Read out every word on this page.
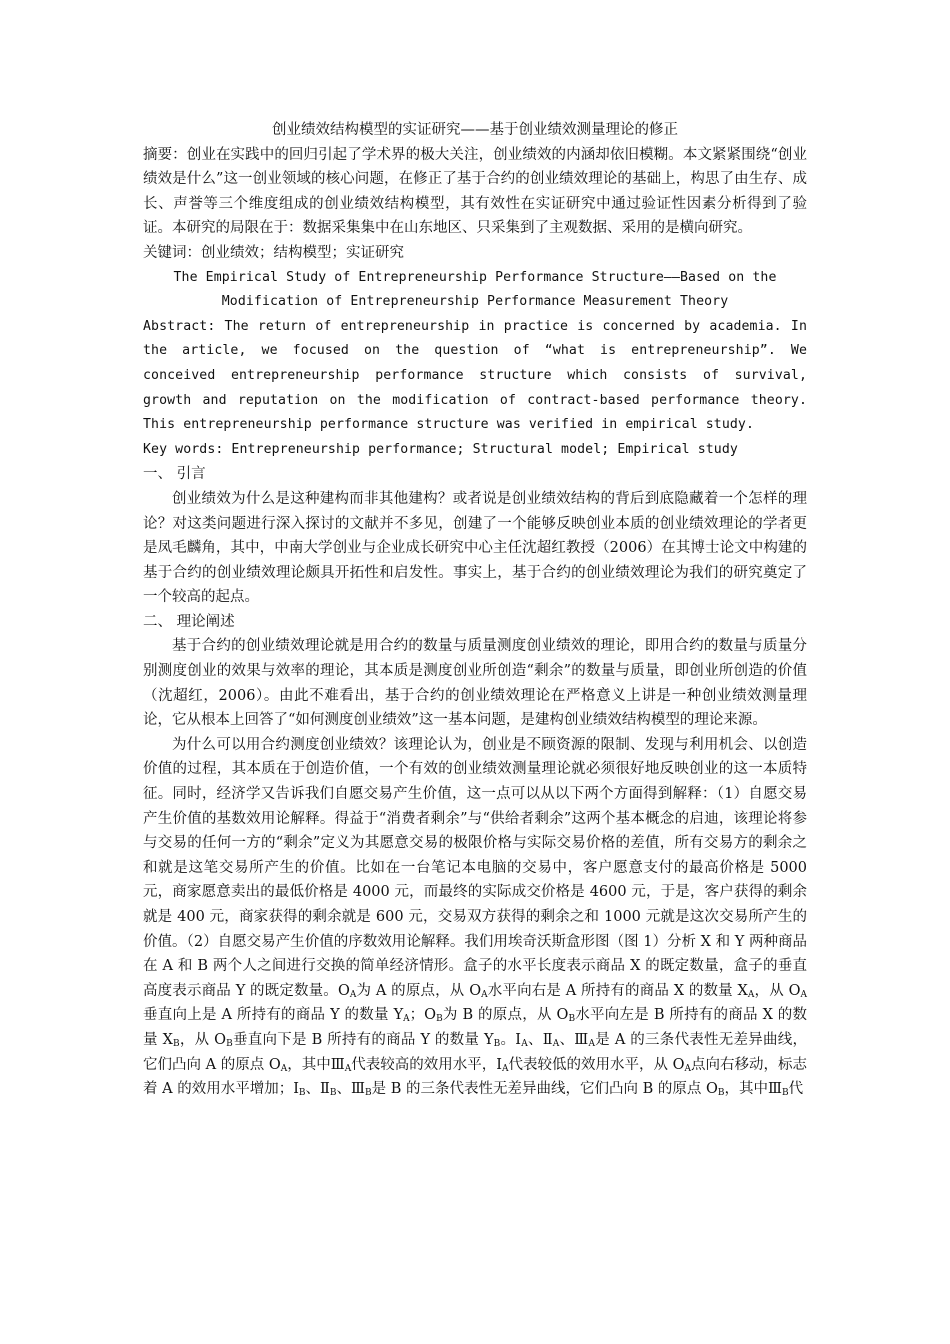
创业绩效结构模型的实证研究——基于创业绩效测量理论的修正

摘要：创业在实践中的回归引起了学术界的极大关注，创业绩效的内涵却依旧模糊。本文紧紧围绕“创业绩效是什么”这一创业领域的核心问题，在修正了基于合约的创业绩效理论的基础上，构思了由生存、成长、声誉等三个维度组成的创业绩效结构模型，其有效性在实证研究中通过验证性因素分析得到了验证。本研究的局限在于：数据采集集中在山东地区、只采集到了主观数据、采用的是横向研究。

关键词：创业绩效；结构模型；实证研究

The Empirical Study of Entrepreneurship Performance Structure——Based on the
Modification of Entrepreneurship Performance Measurement Theory

Abstract: The return of entrepreneurship in practice is concerned by academia. In the article, we focused on the question of “what is entrepreneurship”. We conceived entrepreneurship performance structure which consists of survival, growth and reputation on the modification of contract-based performance theory. This entrepreneurship performance structure was verified in empirical study.

Key words: Entrepreneurship performance; Structural model; Empirical study

一、 引言

创业绩效为什么是这种建构而非其他建构？或者说是创业绩效结构的背后到底隐藏着一个怎样的理论？对这类问题进行深入探讨的文献并不多见，创建了一个能够反映创业本质的创业绩效理论的学者更是凤毛麟角，其中，中南大学创业与企业成长研究中心主任沈超红教授（2006）在其博士论文中构建的基于合约的创业绩效理论颇具开拓性和启发性。事实上，基于合约的创业绩效理论为我们的研究奠定了一个较高的起点。

二、 理论阐述

基于合约的创业绩效理论就是用合约的数量与质量测度创业绩效的理论，即用合约的数量与质量分别测度创业的效果与效率的理论，其本质是测度创业所创造“剩余”的数量与质量，即创业所创造的价值（沈超红，2006）。由此不难看出，基于合约的创业绩效理论在严格意义上讲是一种创业绩效测量理论，它从根本上回答了“如何测度创业绩效”这一基本问题，是建构创业绩效结构模型的理论来源。

为什么可以用合约测度创业绩效？该理论认为，创业是不顾资源的限制、发现与利用机会、以创造价值的过程，其本质在于创造价值，一个有效的创业绩效测量理论就必须很好地反映创业的这一本质特征。同时，经济学又告诉我们自愿交易产生价值，这一点可以从以下两个方面得到解释：（1）自愿交易产生价值的基数效用论解释。得益于“消费者剩余”与“供给者剩余”这两个基本概念的启迪，该理论将参与交易的任何一方的“剩余”定义为其愿意交易的极限价格与实际交易价格的差值，所有交易方的剩余之和就是这笔交易所产生的价值。比如在一台笔记本电脑的交易中，客户愿意支付的最高价格是 5000 元，商家愿意卖出的最低价格是 4000 元，而最终的实际成交价格是 4600 元，于是，客户获得的剩余就是 400 元，商家获得的剩余就是 600 元，交易双方获得的剩余之和 1000 元就是这次交易所产生的价值。（2）自愿交易产生价值的序数效用论解释。我们用埃奇沃斯盒形图（图 1）分析 X 和 Y 两种商品在 A 和 B 两个人之间进行交换的简单经济情形。盒子的水平长度表示商品 X 的既定数量，盒子的垂直高度表示商品 Y 的既定数量。$O_A$为 A 的原点，从 $O_A$水平向右是 A 所持有的商品 X 的数量 $X_A$，从 $O_A$垂直向上是 A 所持有的商品 Y 的数量 $Y_A$；$O_B$为 B 的原点，从 $O_B$水平向左是 B 所持有的商品 X 的数量 $X_B$，从 $O_B$垂直向下是 B 所持有的商品 Y 的数量 $Y_B$。$Ⅰ_A$、$Ⅱ_A$、$Ⅲ_A$是 A 的三条代表性无差异曲线，它们凸向 A 的原点 $O_A$，其中$Ⅲ_A$代表较高的效用水平，$Ⅰ_A$代表较低的效用水平，从 $O_A$点向右移动，标志着 A 的效用水平增加；$Ⅰ_B$、$Ⅱ_B$、$Ⅲ_B$是 B 的三条代表性无差异曲线，它们凸向 B 的原点 $O_B$，其中$Ⅲ_B$代
